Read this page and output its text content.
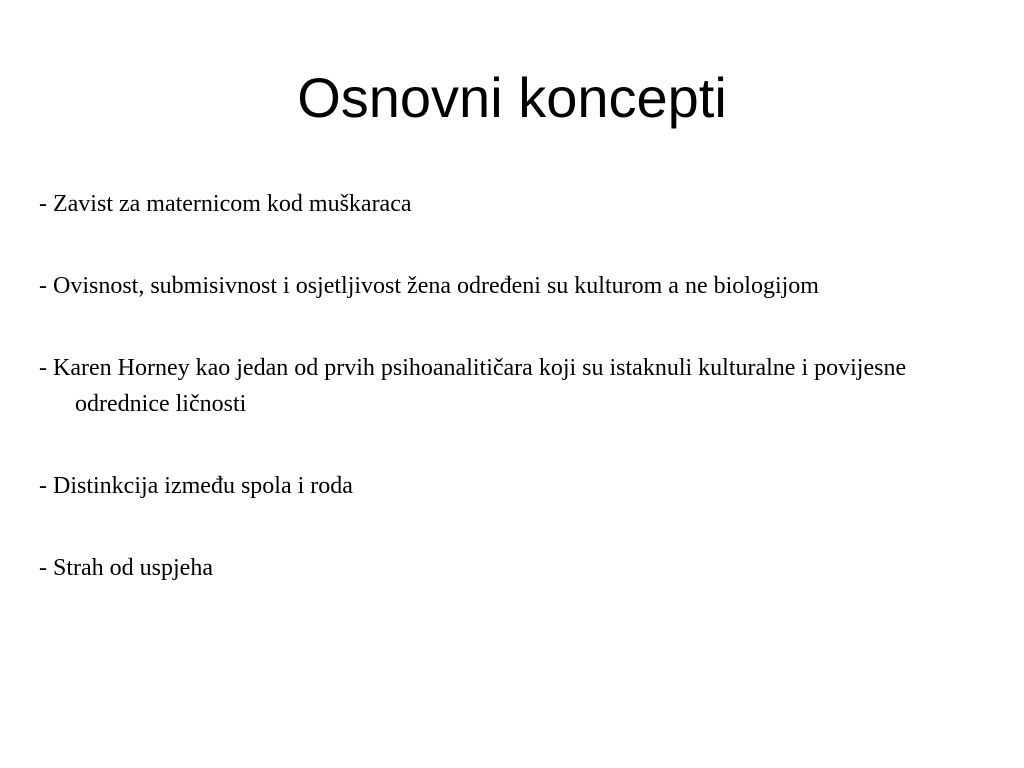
Osnovni koncepti
- Zavist za maternicom kod muškaraca
- Ovisnost, submisivnost i osjetljivost žena određeni su kulturom a ne biologijom
- Karen Horney kao jedan od prvih psihoanalitičara koji su istaknuli kulturalne i povijesne odrednice ličnosti
- Distinkcija između spola i roda
- Strah od uspjeha
